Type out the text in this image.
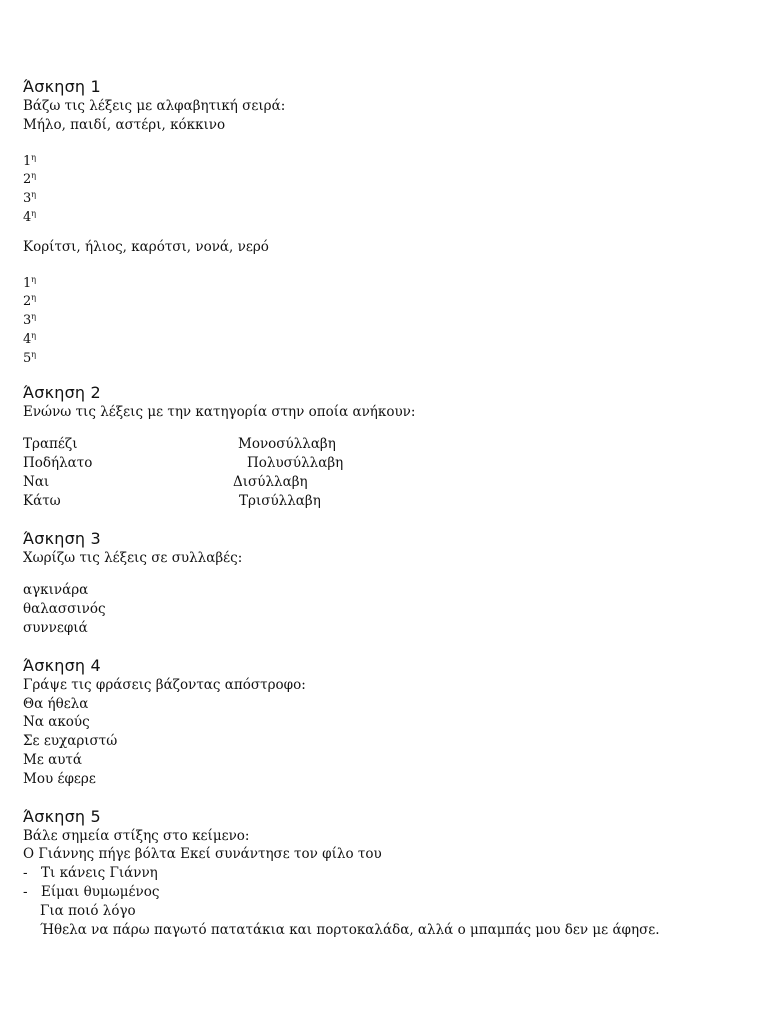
Άσκηση 1
Βάζω τις λέξεις με αλφαβητική σειρά:
Μήλο, παιδί, αστέρι, κόκκινο
$1^\eta$
$2^\eta$
$3^\eta$
$4^\eta$
Κορίτσι, ήλιος, καρότσι, νονά, νερό
$1^\eta$
$2^\eta$
$3^\eta$
$4^\eta$
$5^\eta$
Άσκηση 2
Ενώνω τις λέξεις με την κατηγορία στην οποία ανήκουν:
Τραπέζι	Μονοσύλλαβη
Ποδήλατο	Πολυσύλλαβη
Ναι	Δισύλλαβη
Κάτω	Τρισύλλαβη
Άσκηση 3
Χωρίζω τις λέξεις σε συλλαβές:
αγκινάρα
θαλασσινός
συννεφιά
Άσκηση 4
Γράψε τις φράσεις βάζοντας απόστροφο:
Θα ήθελα
Να ακούς
Σε ευχαριστώ
Με αυτά
Μου έφερε
Άσκηση 5
Βάλε σημεία στίξης στο κείμενο:
Ο Γιάννης πήγε βόλτα Εκεί συνάντησε τον φίλο του
- Τι κάνεις Γιάννη
- Είμαι θυμωμένος
Για ποιό λόγο
Ήθελα να πάρω παγωτό πατατάκια και πορτοκαλάδα, αλλά ο μπαμπάς μου δεν με άφησε.
